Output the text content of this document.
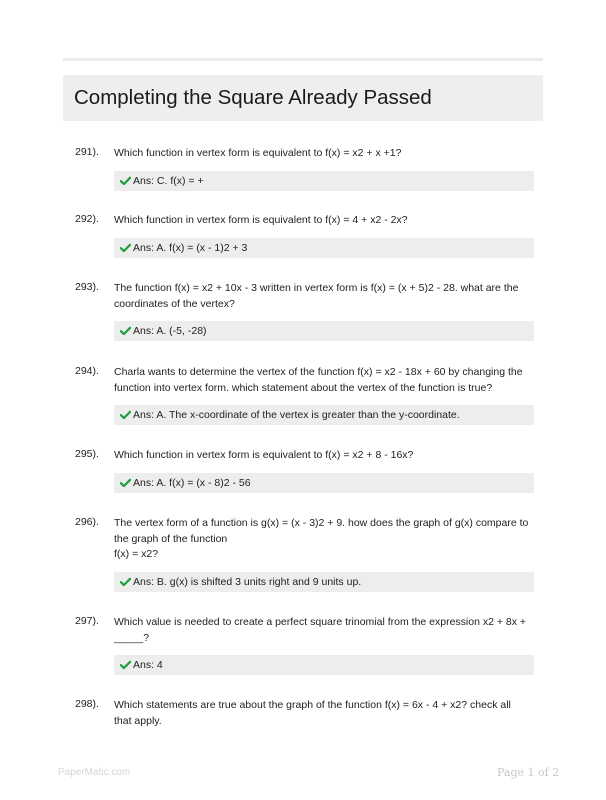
Completing the Square Already Passed
291).	Which function in vertex form is equivalent to f(x) = x2 + x +1?
Ans: C. f(x) = +
292).	Which function in vertex form is equivalent to f(x) = 4 + x2 - 2x?
Ans: A. f(x) = (x - 1)2 + 3
293).	The function f(x) = x2 + 10x - 3 written in vertex form is f(x) = (x + 5)2 - 28. what are the
coordinates of the vertex?
Ans: A. (-5, -28)
294).	Charla wants to determine the vertex of the function f(x) = x2 - 18x + 60 by changing the
function into vertex form. which statement about the vertex of the function is true?
Ans: A. The x-coordinate of the vertex is greater than the y-coordinate.
295).	Which function in vertex form is equivalent to f(x) = x2 + 8 - 16x?
Ans: A. f(x) = (x - 8)2 - 56
296).	The vertex form of a function is g(x) = (x - 3)2 + 9. how does the graph of g(x) compare to
the graph of the function
f(x) = x2?
Ans: B. g(x) is shifted 3 units right and 9 units up.
297).	Which value is needed to create a perfect square trinomial from the expression x2 + 8x +
_____?
Ans: 4
298).	Which statements are true about the graph of the function f(x) = 6x - 4 + x2? check all
that apply.
PaperMatic.com	Page 1 of 2
